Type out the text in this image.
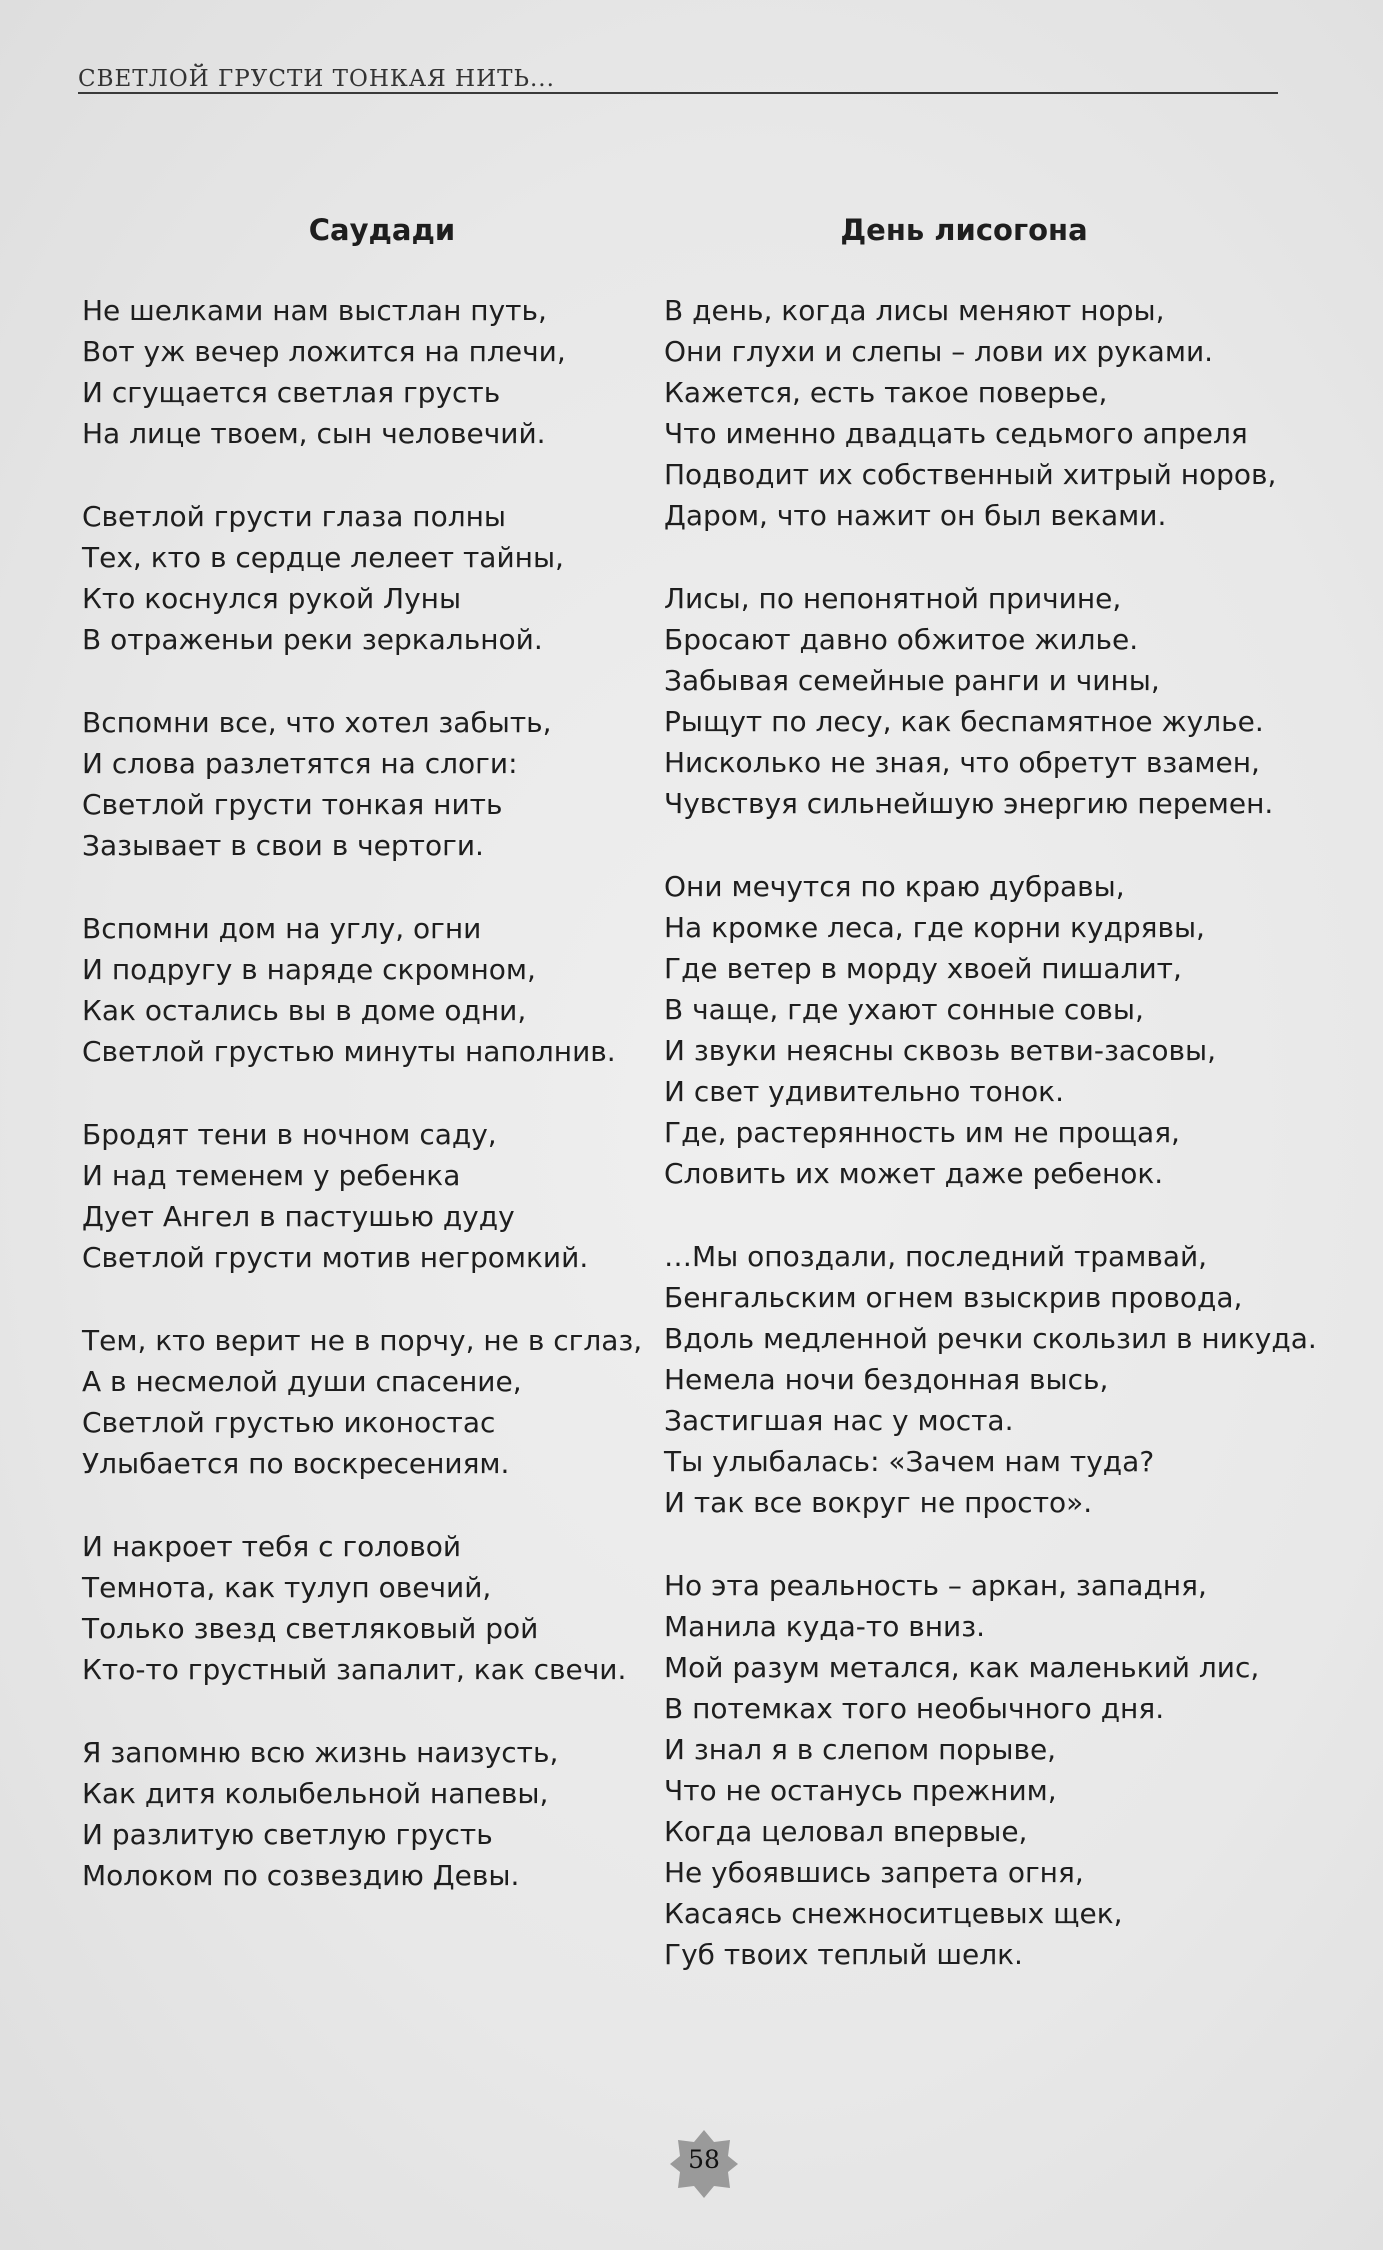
СВЕТЛОЙ ГРУСТИ ТОНКАЯ НИТЬ...
Саудади
Не шелками нам выстлан путь,
Вот уж вечер ложится на плечи,
И сгущается светлая грусть
На лице твоем, сын человечий.
Светлой грусти глаза полны
Тех, кто в сердце лелеет тайны,
Кто коснулся рукой Луны
В отраженьи реки зеркальной.
Вспомни все, что хотел забыть,
И слова разлетятся на слоги:
Светлой грусти тонкая нить
Зазывает в свои в чертоги.
Вспомни дом на углу, огни
И подругу в наряде скромном,
Как остались вы в доме одни,
Светлой грустью минуты наполнив.
Бродят тени в ночном саду,
И над теменем у ребенка
Дует Ангел в пастушью дуду
Светлой грусти мотив негромкий.
Тем, кто верит не в порчу, не в сглаз,
А в несмелой души спасение,
Светлой грустью иконостас
Улыбается по воскресениям.
И накроет тебя с головой
Темнота, как тулуп овечий,
Только звезд светляковый рой
Кто-то грустный запалит, как свечи.
Я запомню всю жизнь наизусть,
Как дитя колыбельной напевы,
И разлитую светлую грусть
Молоком по созвездию Девы.
День лисогона
В день, когда лисы меняют норы,
Они глухи и слепы – лови их руками.
Кажется, есть такое поверье,
Что именно двадцать седьмого апреля
Подводит их собственный хитрый норов,
Даром, что нажит он был веками.
Лисы, по непонятной причине,
Бросают давно обжитое жилье.
Забывая семейные ранги и чины,
Рыщут по лесу, как беспамятное жулье.
Нисколько не зная, что обретут взамен,
Чувствуя сильнейшую энергию перемен.
Они мечутся по краю дубравы,
На кромке леса, где корни кудрявы,
Где ветер в морду хвоей пишалит,
В чаще, где ухают сонные совы,
И звуки неясны сквозь ветви-засовы,
И свет удивительно тонок.
Где, растерянность им не прощая,
Словить их может даже ребенок.
…Мы опоздали, последний трамвай,
Бенгальским огнем взыскрив провода,
Вдоль медленной речки скользил в никуда.
Немела ночи бездонная высь,
Застигшая нас у моста.
Ты улыбалась: «Зачем нам туда?
И так все вокруг не просто».
Но эта реальность – аркан, западня,
Манила куда-то вниз.
Мой разум метался, как маленький лис,
В потемках того необычного дня.
И знал я в слепом порыве,
Что не останусь прежним,
Когда целовал впервые,
Не убоявшись запрета огня,
Касаясь снежноситцевых щек,
Губ твоих теплый шелк.
58
